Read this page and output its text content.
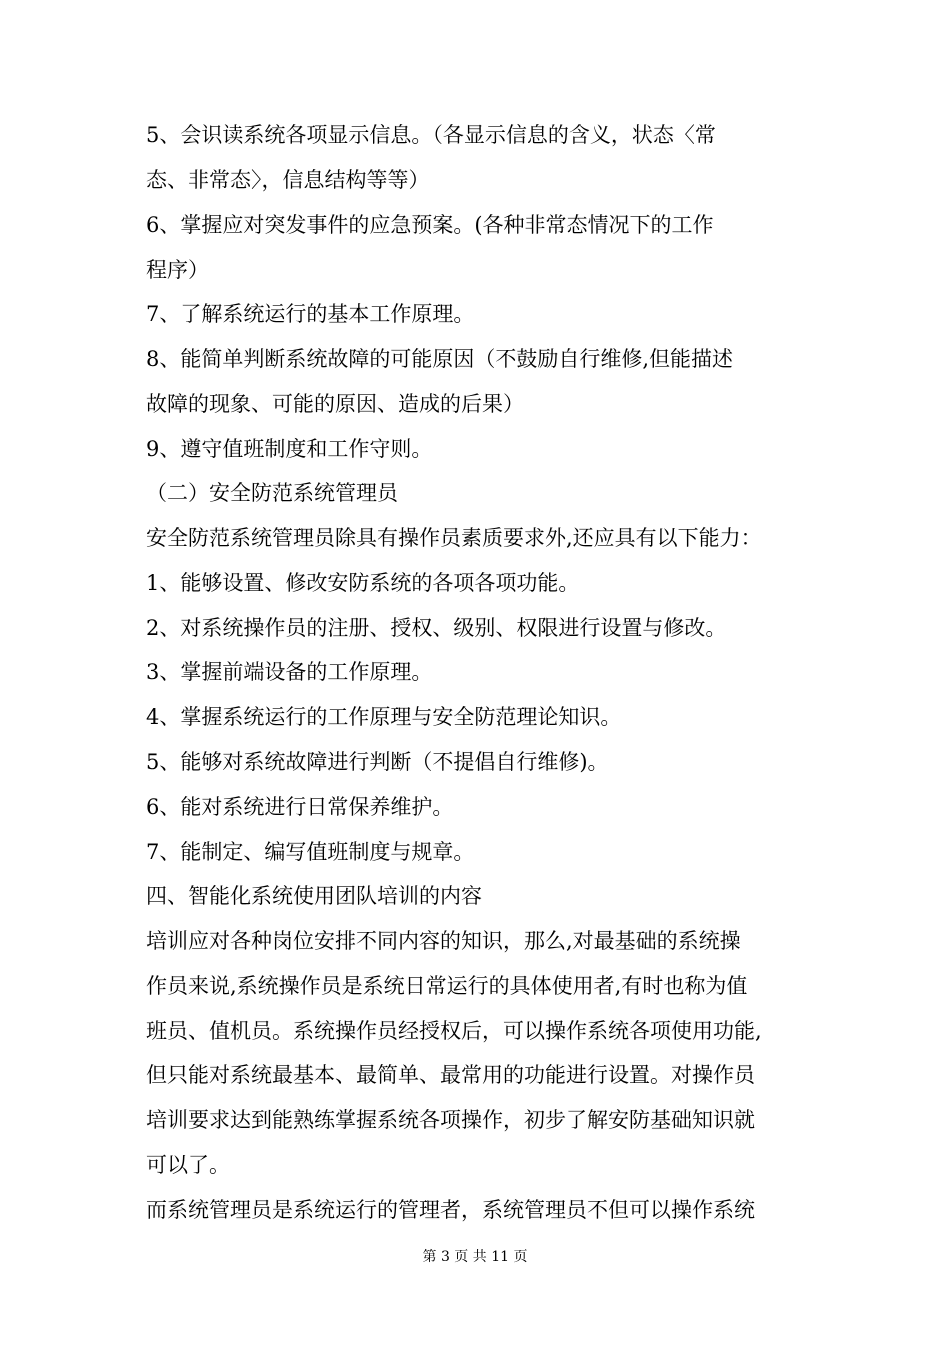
5、会识读系统各项显示信息。（各显示信息的含义，状态〈常
态、非常态〉，信息结构等等）
6、掌握应对突发事件的应急预案。(各种非常态情况下的工作
程序）
7、了解系统运行的基本工作原理。
8、能简单判断系统故障的可能原因（不鼓励自行维修,但能描述
故障的现象、可能的原因、造成的后果）
9、遵守值班制度和工作守则。
（二）安全防范系统管理员
安全防范系统管理员除具有操作员素质要求外,还应具有以下能力：
1、能够设置、修改安防系统的各项各项功能。
2、对系统操作员的注册、授权、级别、权限进行设置与修改。
3、掌握前端设备的工作原理。
4、掌握系统运行的工作原理与安全防范理论知识。
5、能够对系统故障进行判断（不提倡自行维修)。
6、能对系统进行日常保养维护。
7、能制定、编写值班制度与规章。
四、智能化系统使用团队培训的内容
培训应对各种岗位安排不同内容的知识，那么,对最基础的系统操
作员来说,系统操作员是系统日常运行的具体使用者,有时也称为值
班员、值机员。系统操作员经授权后，可以操作系统各项使用功能,
但只能对系统最基本、最简单、最常用的功能进行设置。对操作员
培训要求达到能熟练掌握系统各项操作，初步了解安防基础知识就
可以了。
而系统管理员是系统运行的管理者，系统管理员不但可以操作系统
第 3 页 共 11 页
